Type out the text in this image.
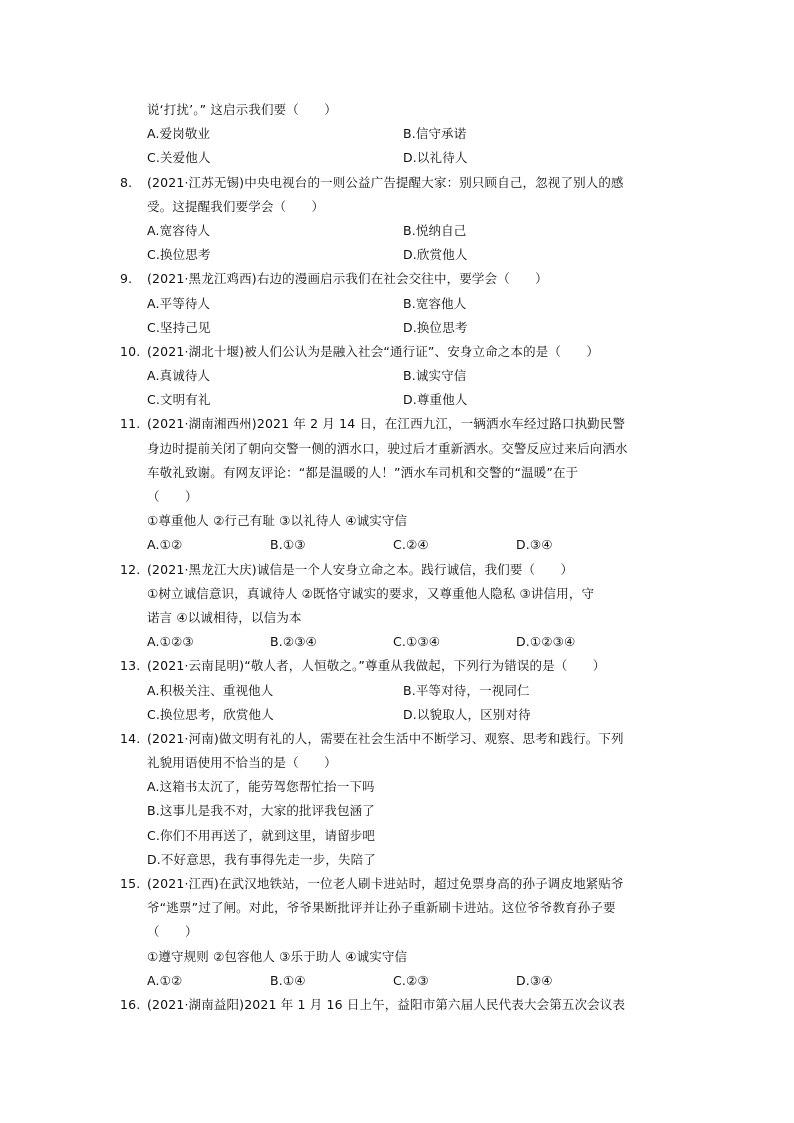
说‘打扰’。” 这启示我们要（　　）
A.爱岗敬业	B.信守承诺
C.关爱他人	D.以礼待人
8.	(2021·江苏无锡)中央电视台的一则公益广告提醒大家：别只顾自己，忽视了别人的感
受。这提醒我们要学会（　　）
A.宽容待人	B.悦纳自己
C.换位思考	D.欣赏他人
9.	(2021·黑龙江鸡西)右边的漫画启示我们在社会交往中，要学会（　　）
A.平等待人	B.宽容他人
C.坚持己见	D.换位思考
10. (2021·湖北十堰)被人们公认为是融入社会“通行证”、安身立命之本的是（　　）
A.真诚待人	B.诚实守信
C.文明有礼	D.尊重他人
11. (2021·湖南湘西州)2021 年 2 月 14 日，在江西九江，一辆洒水车经过路口执勤民警
身边时提前关闭了朝向交警一侧的洒水口，驶过后才重新洒水。交警反应过来后向洒水
车敬礼致谢。有网友评论：“都是温暖的人！”洒水车司机和交警的“温暖”在于
（　　）
①尊重他人 ②行己有耻 ③以礼待人 ④诚实守信
A.①②	B.①③	C.②④	D.③④
12. (2021·黑龙江大庆)诚信是一个人安身立命之本。践行诚信，我们要（　　）
①树立诚信意识，真诚待人 ②既恪守诚实的要求，又尊重他人隐私 ③讲信用，守
诺言 ④以诚相待，以信为本
A.①②③	B.②③④	C.①③④	D.①②③④
13. (2021·云南昆明)“敬人者，人恒敬之。”尊重从我做起，下列行为错误的是（　　）
A.积极关注、重视他人	B.平等对待，一视同仁
C.换位思考，欣赏他人	D.以貌取人，区别对待
14. (2021·河南)做文明有礼的人，需要在社会生活中不断学习、观察、思考和践行。下列
礼貌用语使用不恰当的是（　　）
A.这箱书太沉了，能劳驾您帮忙抬一下吗
B.这事儿是我不对，大家的批评我包涵了
C.你们不用再送了，就到这里，请留步吧
D.不好意思，我有事得先走一步，失陪了
15. (2021·江西)在武汉地铁站，一位老人刷卡进站时，超过免票身高的孙子调皮地紧贴爷
爷“逃票”过了闸。对此，爷爷果断批评并让孙子重新刷卡进站。这位爷爷教育孙子要
（　　）
①遵守规则 ②包容他人 ③乐于助人 ④诚实守信
A.①②	B.①④	C.②③	D.③④
16. (2021·湖南益阳)2021 年 1 月 16 日上午，益阳市第六届人民代表大会第五次会议表
